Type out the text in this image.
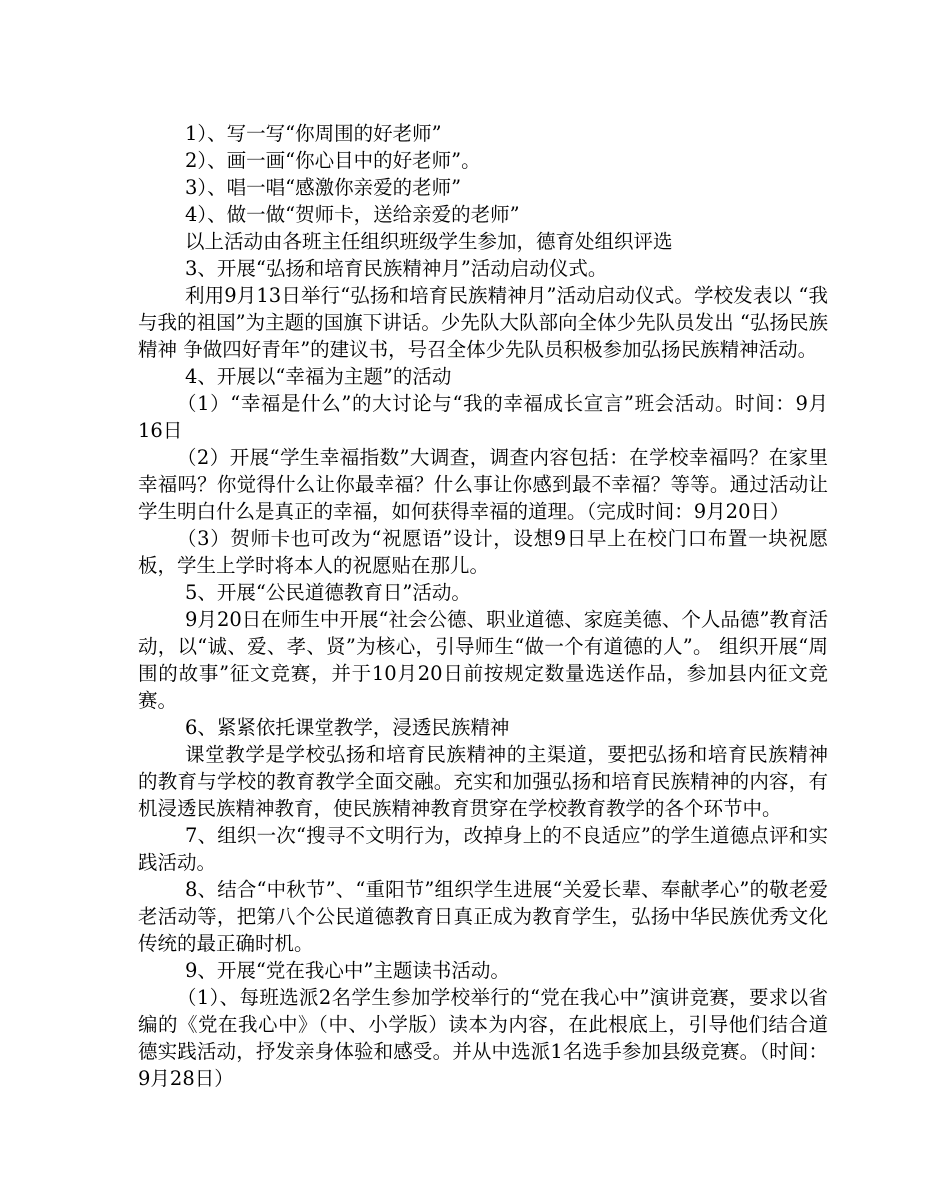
1）、写一写“你周围的好老师”
2）、画一画“你心目中的好老师”。
3）、唱一唱“感激你亲爱的老师”
4）、做一做“贺师卡，送给亲爱的老师”
以上活动由各班主任组织班级学生参加，德育处组织评选
3、开展“弘扬和培育民族精神月”活动启动仪式。

利用9月13日举行“弘扬和培育民族精神月”活动启动仪式。学校发表以 “我与我的祖国”为主题的国旗下讲话。少先队大队部向全体少先队员发出 “弘扬民族精神 争做四好青年”的建议书，号召全体少先队员积极参加弘扬民族精神活动。

4、开展以“幸福为主题”的活动

（1）“幸福是什么”的大讨论与“我的幸福成长宣言”班会活动。时间：9月16日

（2）开展“学生幸福指数”大调查，调查内容包括：在学校幸福吗？在家里幸福吗？你觉得什么让你最幸福？什么事让你感到最不幸福？等等。通过活动让学生明白什么是真正的幸福，如何获得幸福的道理。（完成时间：9月20日）

（3）贺师卡也可改为“祝愿语”设计，设想9日早上在校门口布置一块祝愿板，学生上学时将本人的祝愿贴在那儿。

5、开展“公民道德教育日”活动。

9月20日在师生中开展“社会公德、职业道德、家庭美德、个人品德”教育活动，以“诚、爱、孝、贤”为核心，引导师生“做一个有道德的人”。 组织开展“周围的故事”征文竞赛，并于10月20日前按规定数量选送作品，参加县内征文竞赛。

6、紧紧依托课堂教学，浸透民族精神

课堂教学是学校弘扬和培育民族精神的主渠道，要把弘扬和培育民族精神的教育与学校的教育教学全面交融。充实和加强弘扬和培育民族精神的内容，有机浸透民族精神教育，使民族精神教育贯穿在学校教育教学的各个环节中。

7、组织一次“搜寻不文明行为，改掉身上的不良适应”的学生道德点评和实践活动。

8、结合“中秋节”、“重阳节”组织学生进展“关爱长辈、奉献孝心”的敬老爱老活动等，把第八个公民道德教育日真正成为教育学生，弘扬中华民族优秀文化传统的最正确时机。

9、开展“党在我心中”主题读书活动。

（1）、每班选派2名学生参加学校举行的“党在我心中”演讲竞赛，要求以省编的《党在我心中》（中、小学版）读本为内容，在此根底上，引导他们结合道德实践活动，抒发亲身体验和感受。并从中选派1名选手参加县级竞赛。（时间：9月28日）
